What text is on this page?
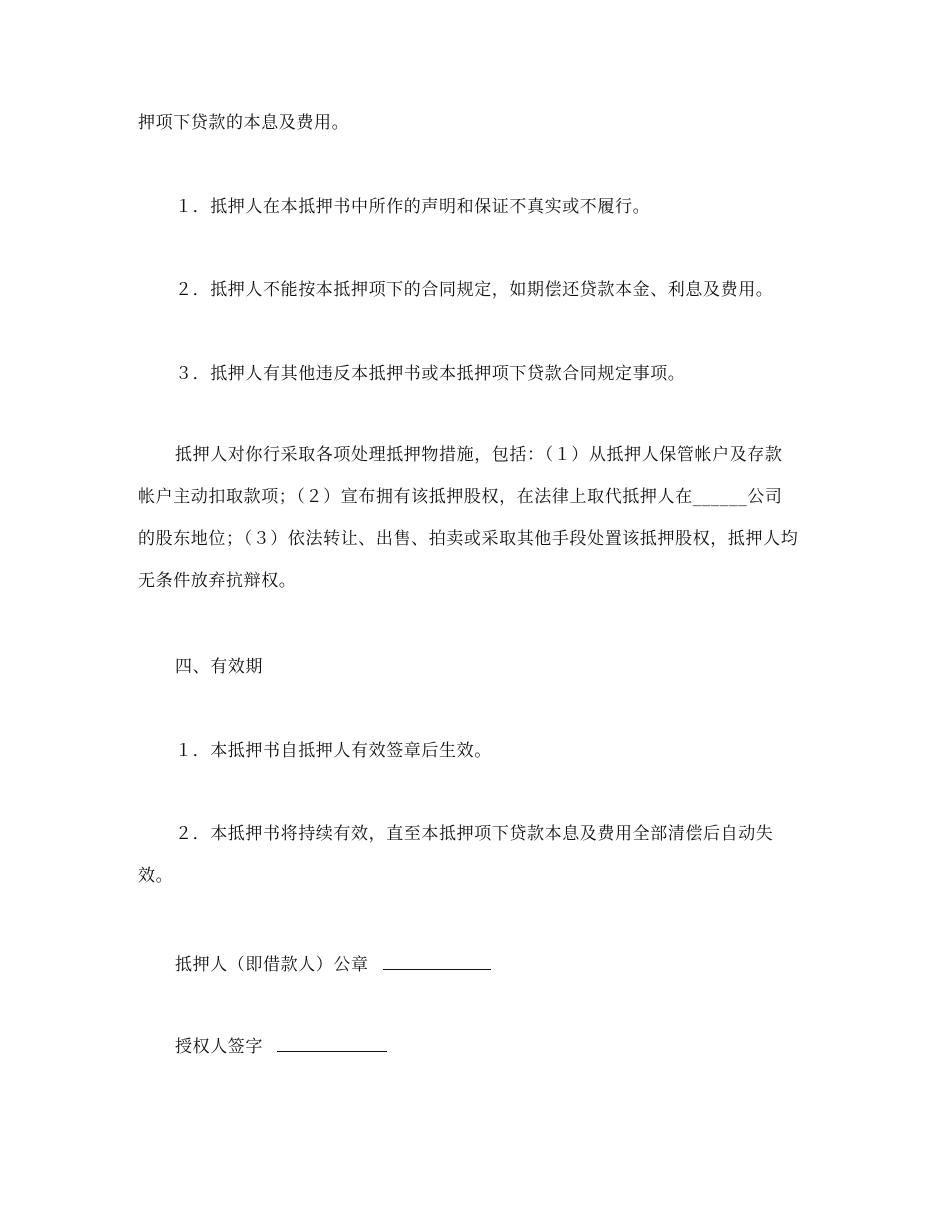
押项下贷款的本息及费用。
１．抵押人在本抵押书中所作的声明和保证不真实或不履行。
２．抵押人不能按本抵押项下的合同规定，如期偿还贷款本金、利息及费用。
３．抵押人有其他违反本抵押书或本抵押项下贷款合同规定事项。

抵押人对你行采取各项处理抵押物措施，包括：（１）从抵押人保管帐户及存款帐户主动扣取款项；（２）宣布拥有该抵押股权，在法律上取代抵押人在______公司的股东地位；（３）依法转让、出售、拍卖或采取其他手段处置该抵押股权，抵押人均无条件放弃抗辩权。

四、有效期
１．本抵押书自抵押人有效签章后生效。

２．本抵押书将持续有效，直至本抵押项下贷款本息及费用全部清偿后自动失效。

抵押人（即借款人）公章
授权人签字
